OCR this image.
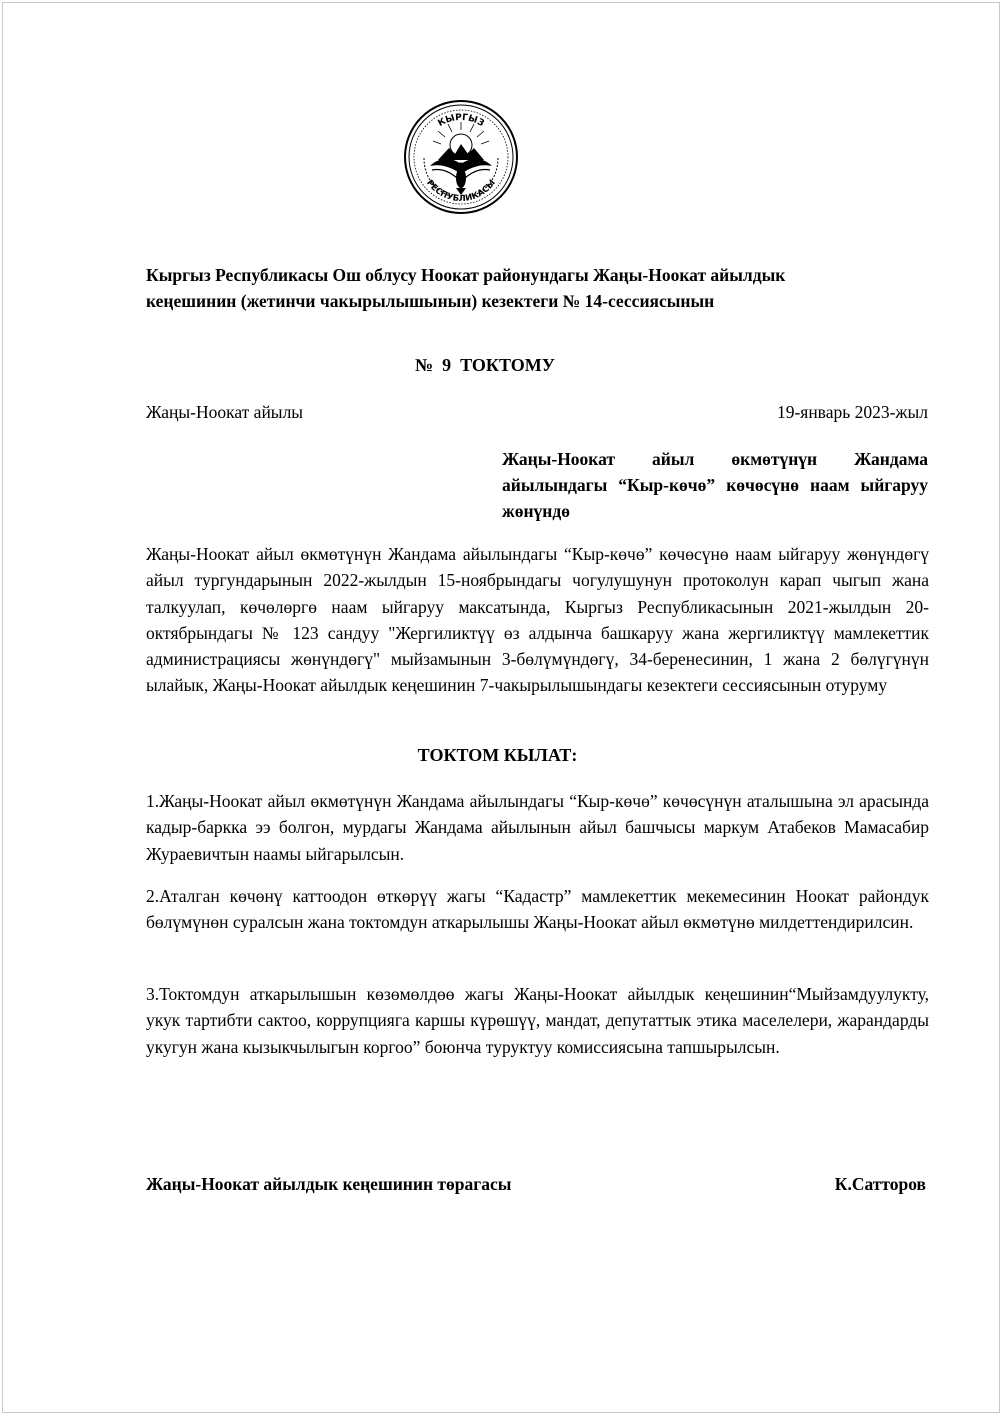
КЫРГЫЗ
РЕСПУБЛИКАСЫ
Кыргыз Республикасы Ош облусу Ноокат районундагы Жаңы-Ноокат айылдык
кеңешинин (жетинчи чакырылышынын) кезектеги № 14-сессиясынын
№  9  ТОКТОМУ
Жаңы-Ноокат айылы	19-январь 2023-жыл
Жаңы-Ноокат айыл өкмөтүнүн Жандама айылындагы “Кыр-көчө” көчөсүнө наам ыйгаруу жөнүндө
Жаңы-Ноокат айыл өкмөтүнүн Жандама айылындагы “Кыр-көчө” көчөсүнө наам ыйгаруу жөнүндөгү айыл тургундарынын 2022-жылдын 15-ноябрындагы чогулушунун протоколун карап чыгып жана талкуулап, көчөлөргө наам ыйгаруу максатында, Кыргыз Республикасынын 2021-жылдын 20-октябрындагы № 123 сандуу "Жергиликтүү өз алдынча башкаруу жана жергиликтүү мамлекеттик администрациясы жөнүндөгү" мыйзамынын 3-бөлүмүндөгү, 34-беренесинин, 1 жана 2 бөлүгүнүн ылайык, Жаңы-Ноокат айылдык кеңешинин 7-чакырылышындагы кезектеги сессиясынын отуруму
ТОКТОМ КЫЛАТ:
1.Жаңы-Ноокат айыл өкмөтүнүн Жандама айылындагы “Кыр-көчө” көчөсүнүн аталышына эл арасында кадыр-баркка ээ болгон, мурдагы Жандама айылынын айыл башчысы маркум Атабеков Мамасабир Жураевичтын наамы ыйгарылсын.
2.Аталган көчөнү каттоодон өткөрүү жагы “Кадастр” мамлекеттик мекемесинин Ноокат райондук бөлүмүнөн суралсын жана токтомдун аткарылышы Жаңы-Ноокат айыл өкмөтүнө милдеттендирилсин.
3.Токтомдун аткарылышын көзөмөлдөө жагы Жаңы-Ноокат айылдык кеңешинин“Мыйзамдуулукту, укук тартибти сактоо, коррупцияга каршы күрөшүү, мандат, депутаттык этика маселелери, жарандарды укугун жана кызыкчылыгын коргоо” боюнча туруктуу комиссиясына тапшырылсын.
Жаңы-Ноокат айылдык кеңешинин төрагасы	К.Сатторов
